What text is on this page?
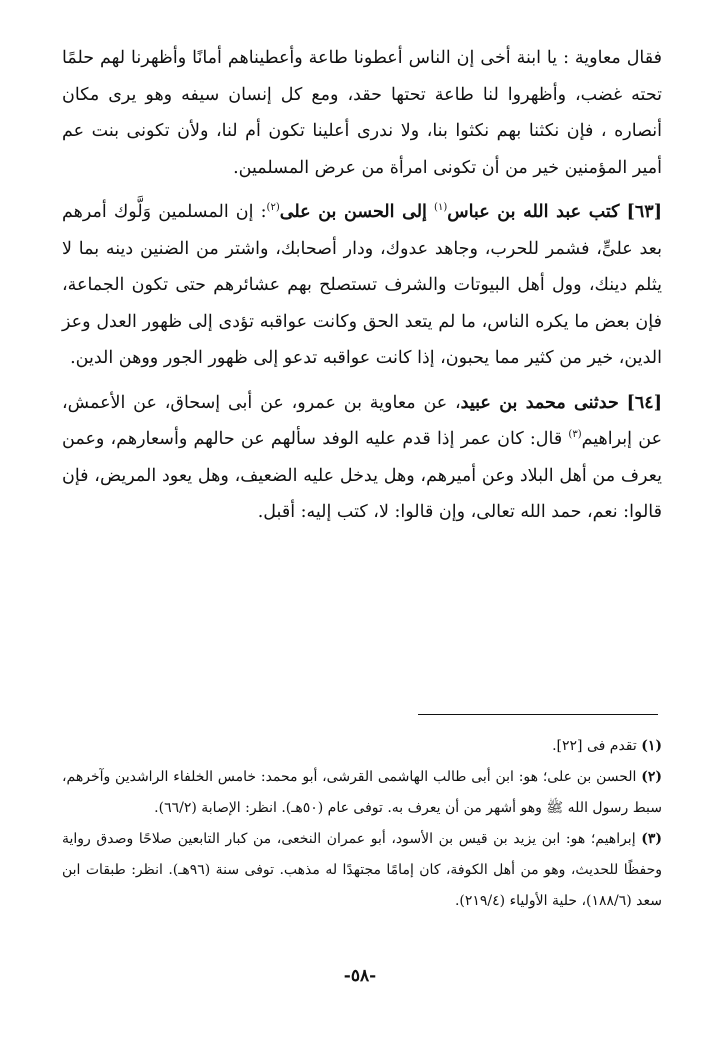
فقال معاوية : يا ابنة أخى إن الناس أعطونا طاعة وأعطيناهم أمانًا وأظهرنا لهم حلمًا تحته غضب، وأظهروا لنا طاعة تحتها حقد، ومع كل إنسان سيفه وهو يرى مكان أنصاره ، فإن نكثنا بهم نكثوا بنا، ولا ندرى أعلينا تكون أم لنا، ولأن تكونى بنت عم أمير المؤمنين خير من أن تكونى امرأة من عرض المسلمين.

[٦٣] كتب عبد الله بن عباس$^{(١)}$ إلى الحسن بن على$^{(٢)}$: إن المسلمين وَلَّوك أمرهم بعد علىٍّ، فشمر للحرب، وجاهد عدوك، ودار أصحابك، واشتر من الضنين دينه بما لا يثلم دينك، وول أهل البيوتات والشرف تستصلح بهم عشائرهم حتى تكون الجماعة، فإن بعض ما يكره الناس، ما لم يتعد الحق وكانت عواقبه تؤدى إلى ظهور العدل وعز الدين، خير من كثير مما يحبون، إذا كانت عواقبه تدعو إلى ظهور الجور ووهن الدين.

[٦٤] حدثنى محمد بن عبيد، عن معاوية بن عمرو، عن أبى إسحاق، عن الأعمش، عن إبراهيم$^{(٣)}$ قال: كان عمر إذا قدم عليه الوفد سألهم عن حالهم وأسعارهم، وعمن يعرف من أهل البلاد وعن أميرهم، وهل يدخل عليه الضعيف، وهل يعود المريض، فإن قالوا: نعم، حمد الله تعالى، وإن قالوا: لا، كتب إليه: أقبل.

(١) تقدم فى [٢٢].

(٢) الحسن بن على؛ هو: ابن أبى طالب الهاشمى القرشى، أبو محمد: خامس الخلفاء الراشدين وآخرهم، سبط رسول الله ﷺ وهو أشهر من أن يعرف به. توفى عام (٥٠هـ). انظر: الإصابة (٦٦/٢).

(٣) إبراهيم؛ هو: ابن يزيد بن قيس بن الأسود، أبو عمران النخعى، من كبار التابعين صلاحًا وصدق رواية وحفظًا للحديث، وهو من أهل الكوفة، كان إمامًا مجتهدًا له مذهب. توفى سنة (٩٦هـ). انظر: طبقات ابن سعد (١٨٨/٦)، حلية الأولياء (٢١٩/٤).

-٥٨-
